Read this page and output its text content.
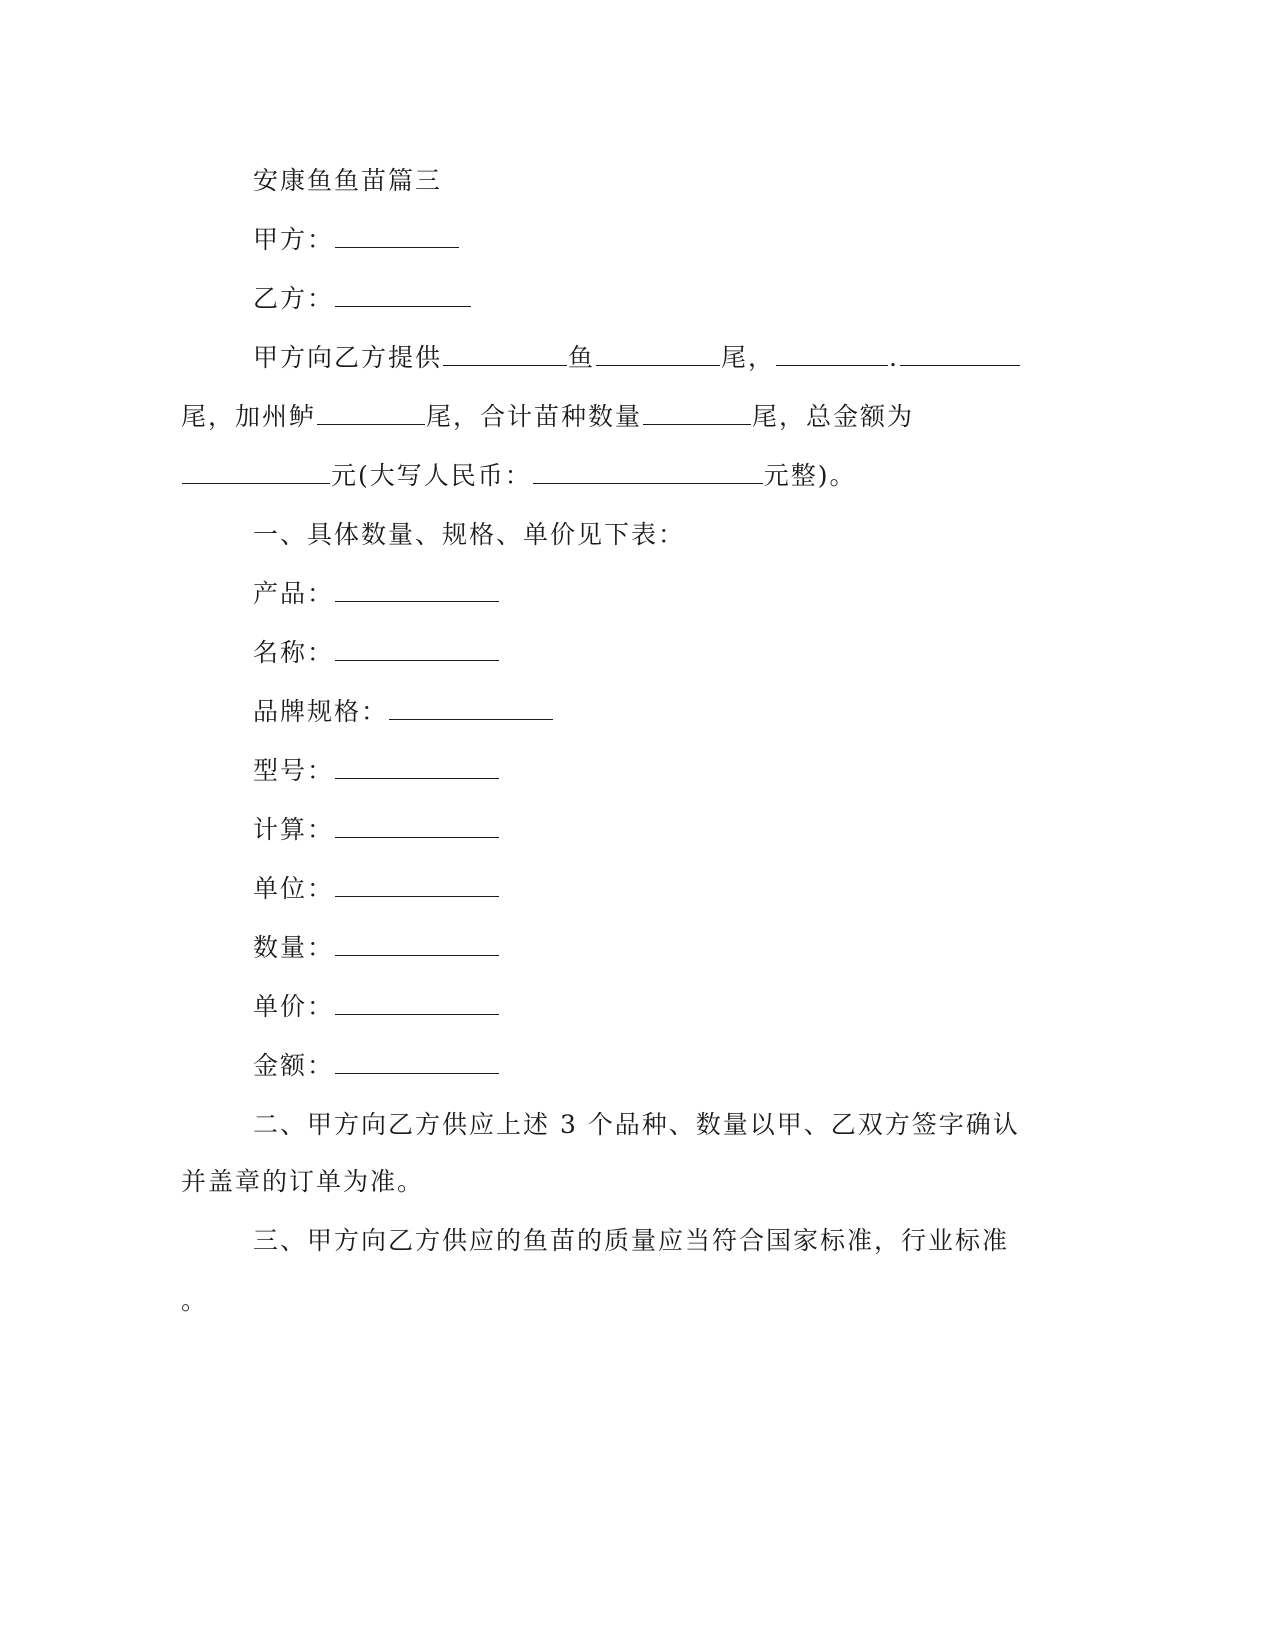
安康鱼鱼苗篇三
甲方：
乙方：
甲方向乙方提供	鱼	尾，	.
尾，加州鲈	尾，合计苗种数量	尾，总金额为
元(大写人民币：	元整)。
一、具体数量、规格、单价见下表：
产品：
名称：
品牌规格：
型号：
计算：
单位：
数量：
单价：
金额：
二、甲方向乙方供应上述 3 个品种、数量以甲、乙双方签字确认
并盖章的订单为准。
三、甲方向乙方供应的鱼苗的质量应当符合国家标准，行业标准
。
